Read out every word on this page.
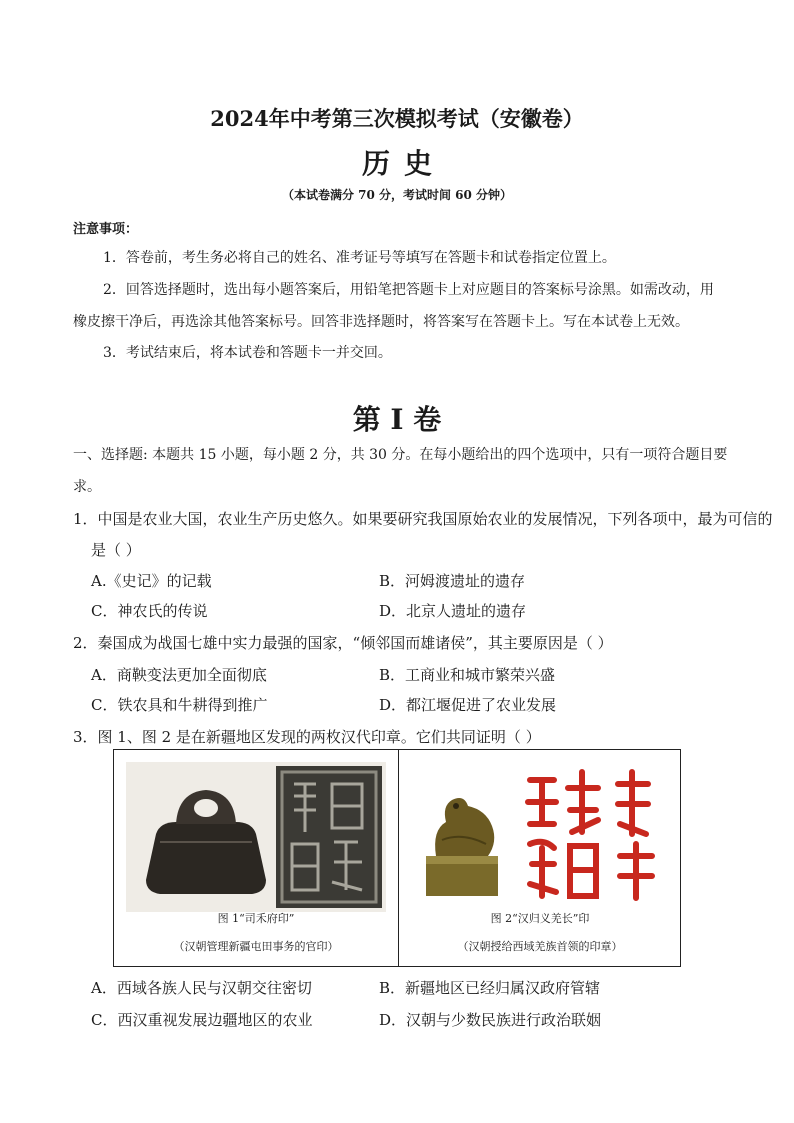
2024年中考第三次模拟考试（安徽卷）
历史
（本试卷满分 70 分，考试时间 60 分钟）
注意事项：
1．答卷前，考生务必将自己的姓名、准考证号等填写在答题卡和试卷指定位置上。
2．回答选择题时，选出每小题答案后，用铅笔把答题卡上对应题目的答案标号涂黑。如需改动，用
橡皮擦干净后，再选涂其他答案标号。回答非选择题时，将答案写在答题卡上。写在本试卷上无效。
3．考试结束后，将本试卷和答题卡一并交回。
第 I 卷
一、选择题: 本题共 15 小题，每小题 2 分，共 30 分。在每小题给出的四个选项中，只有一项符合题目要
求。
1．中国是农业大国，农业生产历史悠久。如果要研究我国原始农业的发展情况，下列各项中，最为可信的
是（ ）
A.《史记》的记载	B．河姆渡遗址的遗存
C．神农氏的传说	D．北京人遗址的遗存
2．秦国成为战国七雄中实力最强的国家，“倾邻国而雄诸侯”，其主要原因是（ ）
A．商鞅变法更加全面彻底	B．工商业和城市繁荣兴盛
C．铁农具和牛耕得到推广	D．都江堰促进了农业发展
3．图 1、图 2 是在新疆地区发现的两枚汉代印章。它们共同证明（ ）
图 1“司禾府印”
（汉朝管理新疆屯田事务的官印）
图 2“汉归义羌长”印
（汉朝授给西域羌族首领的印章）
A．西域各族人民与汉朝交往密切	B．新疆地区已经归属汉政府管辖
C．西汉重视发展边疆地区的农业	D．汉朝与少数民族进行政治联姻
